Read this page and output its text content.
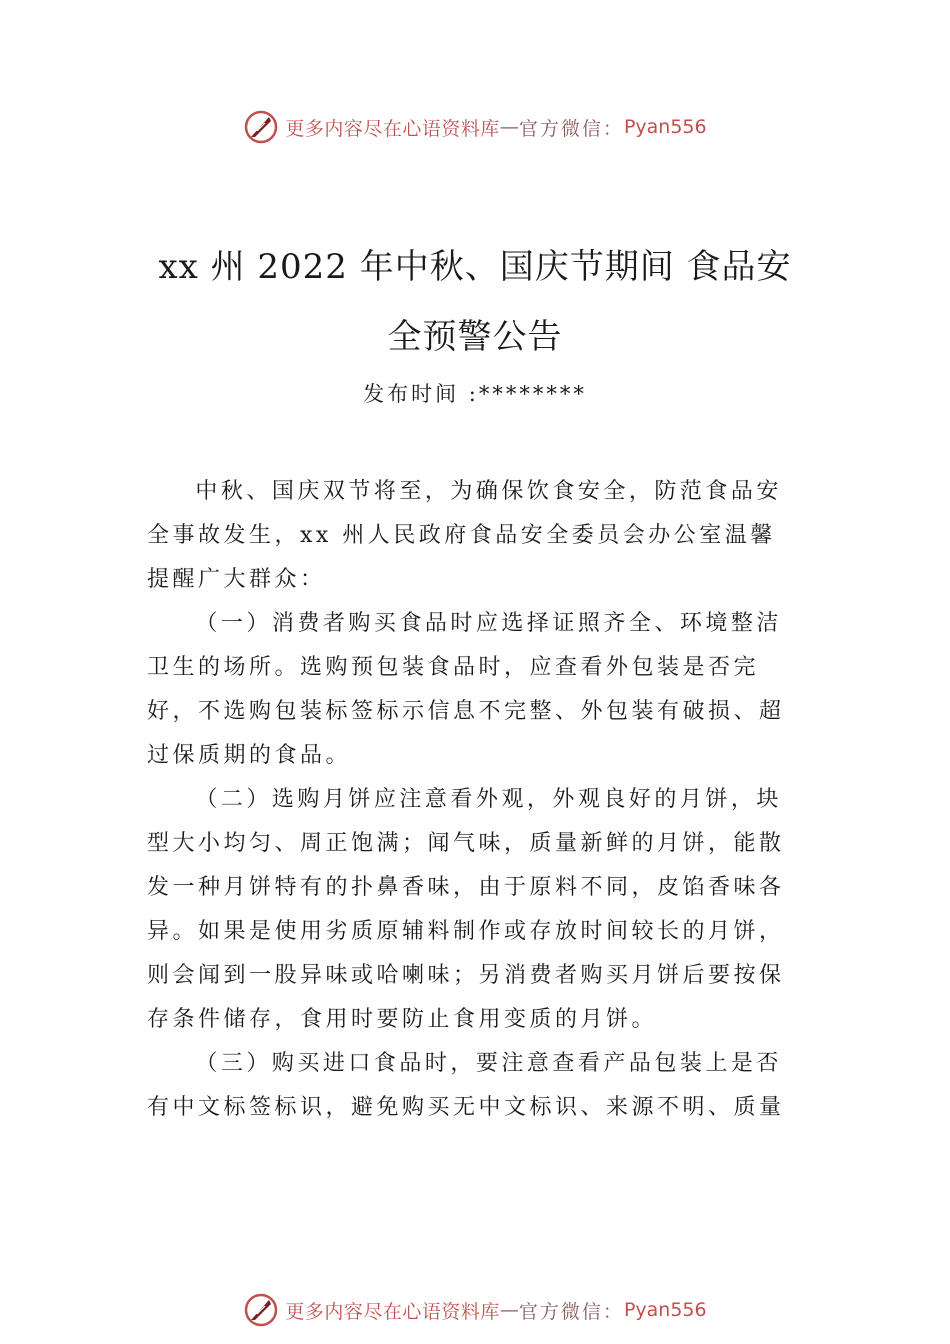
更多内容尽在心语资料库 — 官方微信： Pyan556
xx 州 2022 年中秋、国庆节期间 食品安
全预警公告
发布时间 :********

中秋、国庆双节将至，为确保饮食安全，防范食品安全事故发生，xx 州人民政府食品安全委员会办公室温馨提醒广大群众：

（一）消费者购买食品时应选择证照齐全、环境整洁卫生的场所。选购预包装食品时，应查看外包装是否完好，不选购包装标签标示信息不完整、外包装有破损、超过保质期的食品。

（二）选购月饼应注意看外观，外观良好的月饼，块型大小均匀、周正饱满；闻气味，质量新鲜的月饼，能散发一种月饼特有的扑鼻香味，由于原料不同，皮馅香味各异。如果是使用劣质原辅料制作或存放时间较长的月饼， 则会闻到一股异味或哈喇味；另消费者购买月饼后要按保存条件储存，食用时要防止食用变质的月饼。

（三）购买进口食品时，要注意查看产品包装上是否有中文标签标识，避免购买无中文标识、来源不明、质量

更多内容尽在心语资料库 — 官方微信： Pyan556
